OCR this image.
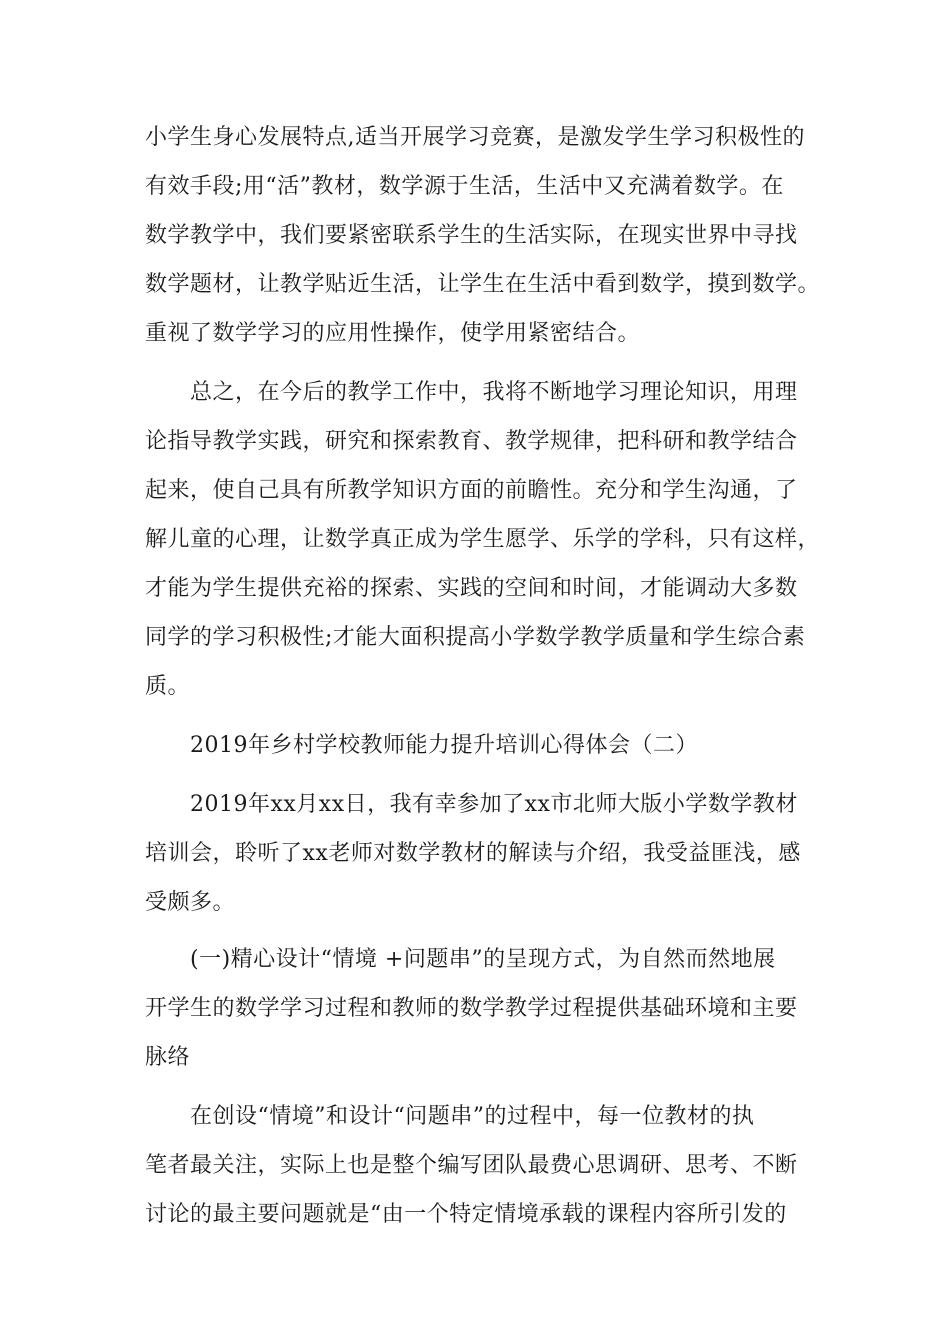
小学生身心发展特点,适当开展学习竞赛，是激发学生学习积极性的

有效手段;用“活”教材，数学源于生活，生活中又充满着数学。在

数学教学中，我们要紧密联系学生的生活实际，在现实世界中寻找

数学题材，让教学贴近生活，让学生在生活中看到数学，摸到数学。

重视了数学学习的应用性操作，使学用紧密结合。

总之，在今后的教学工作中，我将不断地学习理论知识，用理

论指导教学实践，研究和探索教育、教学规律，把科研和教学结合

起来，使自己具有所教学知识方面的前瞻性。充分和学生沟通，了

解儿童的心理，让数学真正成为学生愿学、乐学的学科，只有这样，

才能为学生提供充裕的探索、实践的空间和时间，才能调动大多数

同学的学习积极性;才能大面积提高小学数学教学质量和学生综合素

质。

2019年乡村学校教师能力提升培训心得体会（二）

2019年xx月xx日，我有幸参加了xx市北师大版小学数学教材

培训会，聆听了xx老师对数学教材的解读与介绍，我受益匪浅，感

受颇多。

(一)精心设计“情境 +问题串”的呈现方式，为自然而然地展

开学生的数学学习过程和教师的数学教学过程提供基础环境和主要

脉络

在创设“情境”和设计“问题串”的过程中，每一位教材的执

笔者最关注，实际上也是整个编写团队最费心思调研、思考、不断

讨论的最主要问题就是“由一个特定情境承载的课程内容所引发的
